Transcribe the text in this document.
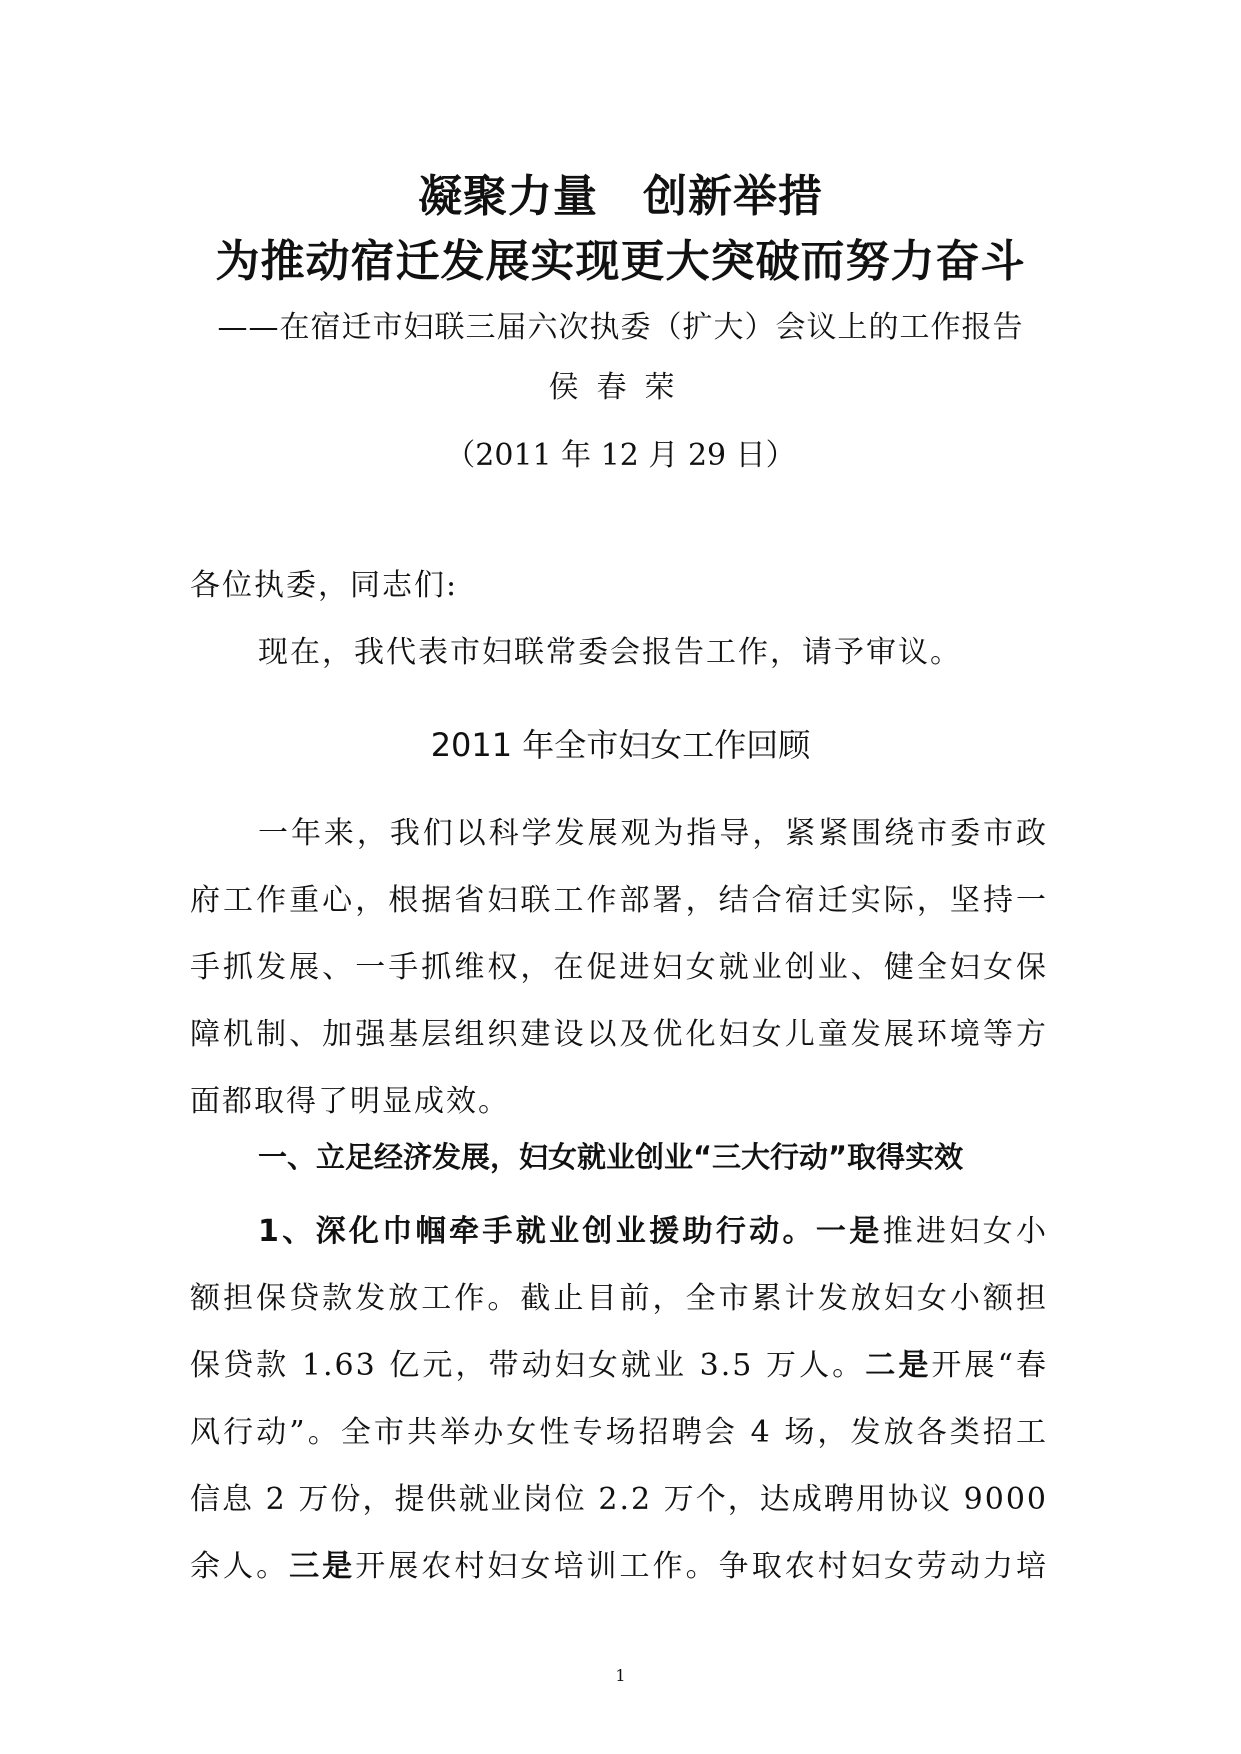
凝聚力量　创新举措
为推动宿迁发展实现更大突破而努力奋斗
——在宿迁市妇联三届六次执委（扩大）会议上的工作报告
侯春荣
（2011 年 12 月 29 日）
各位执委，同志们:
现在，我代表市妇联常委会报告工作，请予审议。
2011 年全市妇女工作回顾
一年来，我们以科学发展观为指导，紧紧围绕市委市政
府工作重心，根据省妇联工作部署，结合宿迁实际，坚持一
手抓发展、一手抓维权，在促进妇女就业创业、健全妇女保
障机制、加强基层组织建设以及优化妇女儿童发展环境等方
面都取得了明显成效。
一、立足经济发展，妇女就业创业“三大行动”取得实效
1、深化巾帼牵手就业创业援助行动。一是推进妇女小
额担保贷款发放工作。截止目前，全市累计发放妇女小额担
保贷款 1.63 亿元，带动妇女就业 3.5 万人。二是开展“春
风行动”。全市共举办女性专场招聘会 4 场，发放各类招工
信息 2 万份，提供就业岗位 2.2 万个，达成聘用协议 9000
余人。三是开展农村妇女培训工作。争取农村妇女劳动力培
1
